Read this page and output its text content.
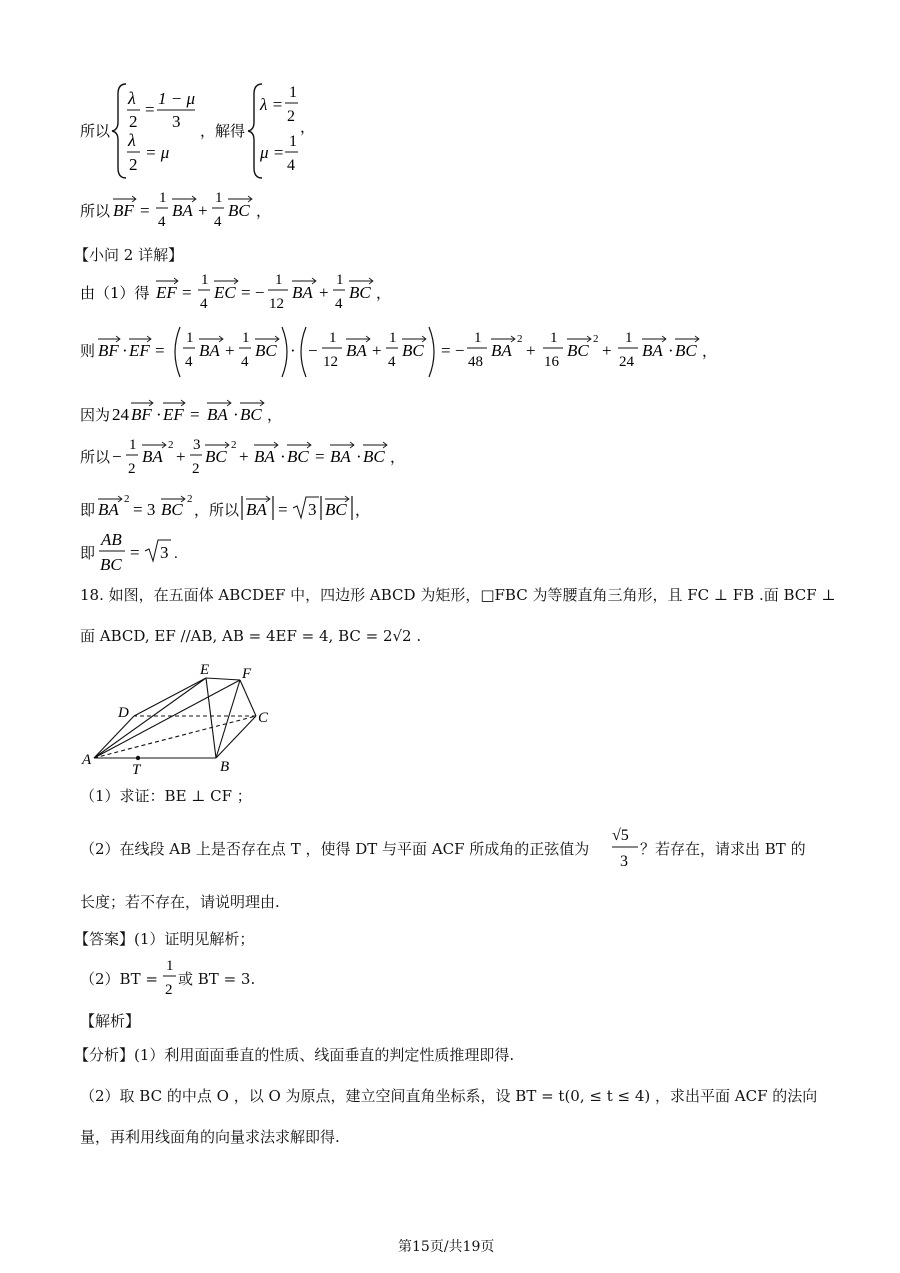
所以
λ
2
=
1 − μ
3
λ
2
= μ
，解得
λ =
1
2
，
μ =
1
4
所以 BF =
1
4
BA +
1
4
BC ，
【小问 2 详解】
由（1）得 EF =
1
4
EC = −
1
12
BA +
1
4
BC ，
则 BF · EF =
1
4
BA +
1
4
BC · −
1
12
BA +
1
4
BC = −
1
48
BA
2
+
1
16
BC
2
+
1
24
BA · BC ，
因为 24 BF · EF = BA · BC ，
所以 −
1
2
BA
2
+
3
2
BC
2
+ BA · BC = BA · BC ，
即 BA
2
= 3 BC
2
，所以 BA = 3 BC ，
即
AB
BC
= 3 .
18. 如图，在五面体 ABCDEF 中，四边形 ABCD 为矩形，□FBC 为等腰直角三角形，且 FC ⊥ FB .面 BCF ⊥
面 ABCD, EF //AB, AB = 4EF = 4, BC = 2√2 .
A	B
C
D
E F
T
（1）求证：BE ⊥ CF ；
（2）在线段 AB 上是否存在点 T ，使得 DT 与平面 ACF 所成角的正弦值为
√5
3
？若存在，请求出 BT 的
长度；若不存在，请说明理由.
【答案】(1）证明见解析；
（2）BT =
1
2
或 BT = 3.
【解析】
【分析】(1）利用面面垂直的性质、线面垂直的判定性质推理即得.
（2）取 BC 的中点 O ，以 O 为原点，建立空间直角坐标系，设 BT = t(0, ≤ t ≤ 4) ，求出平面 ACF 的法向
量，再利用线面角的向量求法求解即得.
第15页/共19页
